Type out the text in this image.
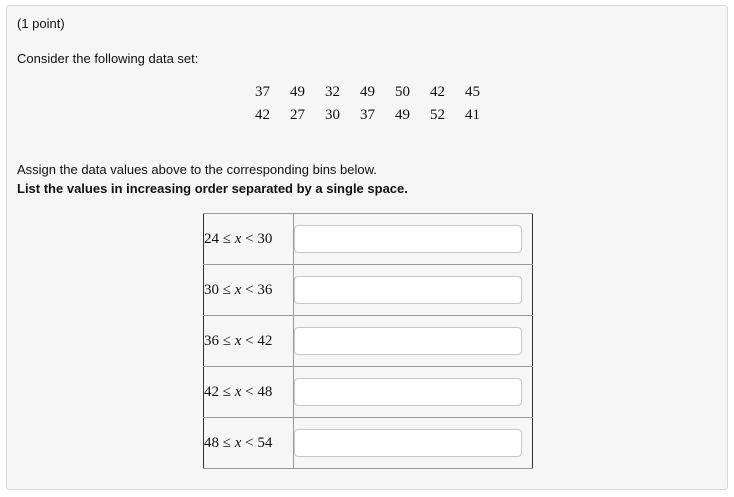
(1 point)
Consider the following data set:
37	49	32	49	50	42	45
42	27	30	37	49	52	41
Assign the data values above to the corresponding bins below.
List the values in increasing order separated by a single space.
24 ≤ x < 30	
30 ≤ x < 36	
36 ≤ x < 42	
42 ≤ x < 48	
48 ≤ x < 54	
